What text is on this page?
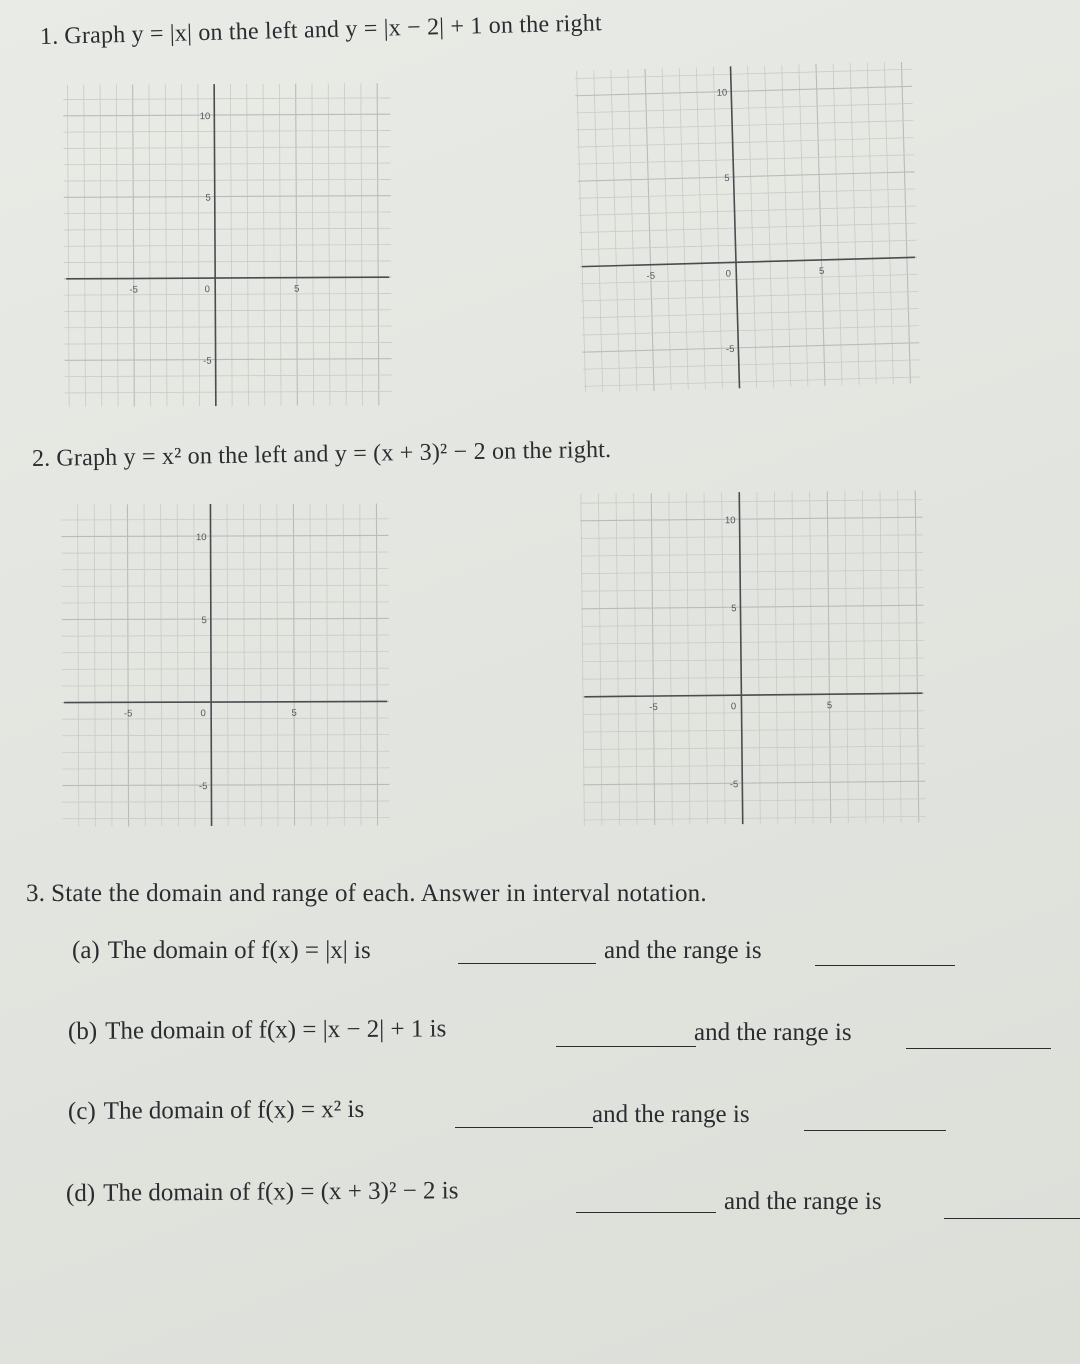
1. Graph y = |x| on the left and y = |x − 2| + 1 on the right
-5	0	5
10
5
-5
-5	0	5
10
5
-5
2. Graph y = x² on the left and y = (x + 3)² − 2 on the right.
-5	0	5
10
5
-5
-5	0	5
10
5
-5
3. State the domain and range of each. Answer in interval notation.
(a) The domain of f(x) = |x| is	and the range is
(b) The domain of f(x) = |x − 2| + 1 is	and the range is
(c) The domain of f(x) = x² is	and the range is
(d) The domain of f(x) = (x + 3)² − 2 is	and the range is
